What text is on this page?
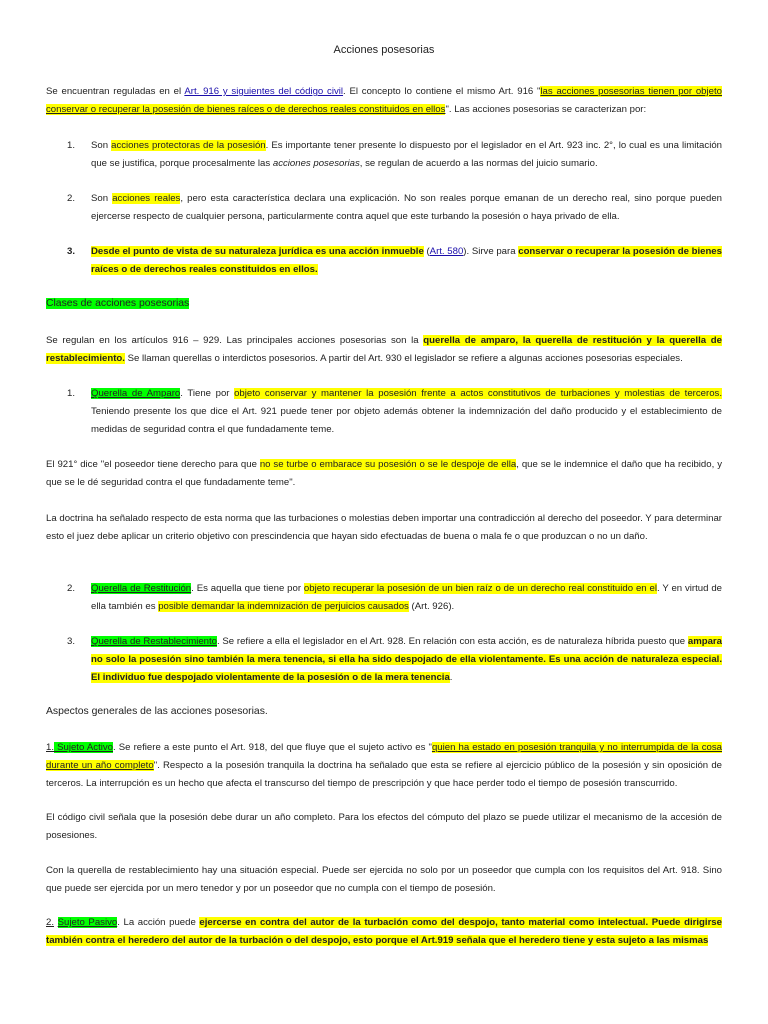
Acciones posesorias

Se encuentran reguladas en el Art. 916 y siguientes del código civil. El concepto lo contiene el mismo Art. 916 "las acciones posesorias tienen por objeto conservar o recuperar la posesión de bienes raíces o de derechos reales constituidos en ellos". Las acciones posesorias se caracterizan por:

1. Son acciones protectoras de la posesión. Es importante tener presente lo dispuesto por el legislador en el Art. 923 inc. 2°, lo cual es una limitación que se justifica, porque procesalmente las acciones posesorias, se regulan de acuerdo a las normas del juicio sumario.

2. Son acciones reales, pero esta característica declara una explicación. No son reales porque emanan de un derecho real, sino porque pueden ejercerse respecto de cualquier persona, particularmente contra aquel que este turbando la posesión o haya privado de ella.

3. Desde el punto de vista de su naturaleza jurídica es una acción inmueble (Art. 580). Sirve para conservar o recuperar la posesión de bienes raíces o de derechos reales constituidos en ellos.

Clases de acciones posesorias

Se regulan en los artículos 916 – 929. Las principales acciones posesorias son la querella de amparo, la querella de restitución y la querella de restablecimiento. Se llaman querellas o interdictos posesorios. A partir del Art. 930 el legislador se refiere a algunas acciones posesorias especiales.

1. Querella de Amparo. Tiene por objeto conservar y mantener la posesión frente a actos constitutivos de turbaciones y molestias de terceros. Teniendo presente los que dice el Art. 921 puede tener por objeto además obtener la indemnización del daño producido y el establecimiento de medidas de seguridad contra el que fundadamente teme.

El 921° dice "el poseedor tiene derecho para que no se turbe o embarace su posesión o se le despoje de ella, que se le indemnice el daño que ha recibido, y que se le dé seguridad contra el que fundadamente teme".

La doctrina ha señalado respecto de esta norma que las turbaciones o molestias deben importar una contradicción al derecho del poseedor. Y para determinar esto el juez debe aplicar un criterio objetivo con prescindencia que hayan sido efectuadas de buena o mala fe o que produzcan o no un daño.

2. Querella de Restitución. Es aquella que tiene por objeto recuperar la posesión de un bien raíz o de un derecho real constituido en el. Y en virtud de ella también es posible demandar la indemnización de perjuicios causados (Art. 926).

3. Querella de Restablecimiento. Se refiere a ella el legislador en el Art. 928. En relación con esta acción, es de naturaleza híbrida puesto que ampara no solo la posesión sino también la mera tenencia, si ella ha sido despojado de ella violentamente. Es una acción de naturaleza especial. El individuo fue despojado violentamente de la posesión o de la mera tenencia.

Aspectos generales de las acciones posesorias.

1. Sujeto Activo. Se refiere a este punto el Art. 918, del que fluye que el sujeto activo es "quien ha estado en posesión tranquila y no interrumpida de la cosa durante un año completo". Respecto a la posesión tranquila la doctrina ha señalado que esta se refiere al ejercicio público de la posesión y sin oposición de terceros. La interrupción es un hecho que afecta el transcurso del tiempo de prescripción y que hace perder todo el tiempo de posesión transcurrido.

El código civil señala que la posesión debe durar un año completo. Para los efectos del cómputo del plazo se puede utilizar el mecanismo de la accesión de posesiones.

Con la querella de restablecimiento hay una situación especial. Puede ser ejercida no solo por un poseedor que cumpla con los requisitos del Art. 918. Sino que puede ser ejercida por un mero tenedor y por un poseedor que no cumpla con el tiempo de posesión.

2. Sujeto Pasivo. La acción puede ejercerse en contra del autor de la turbación como del despojo, tanto material como intelectual. Puede dirigirse también contra el heredero del autor de la turbación o del despojo, esto porque el Art.919 señala que el heredero tiene y esta sujeto a las mismas
